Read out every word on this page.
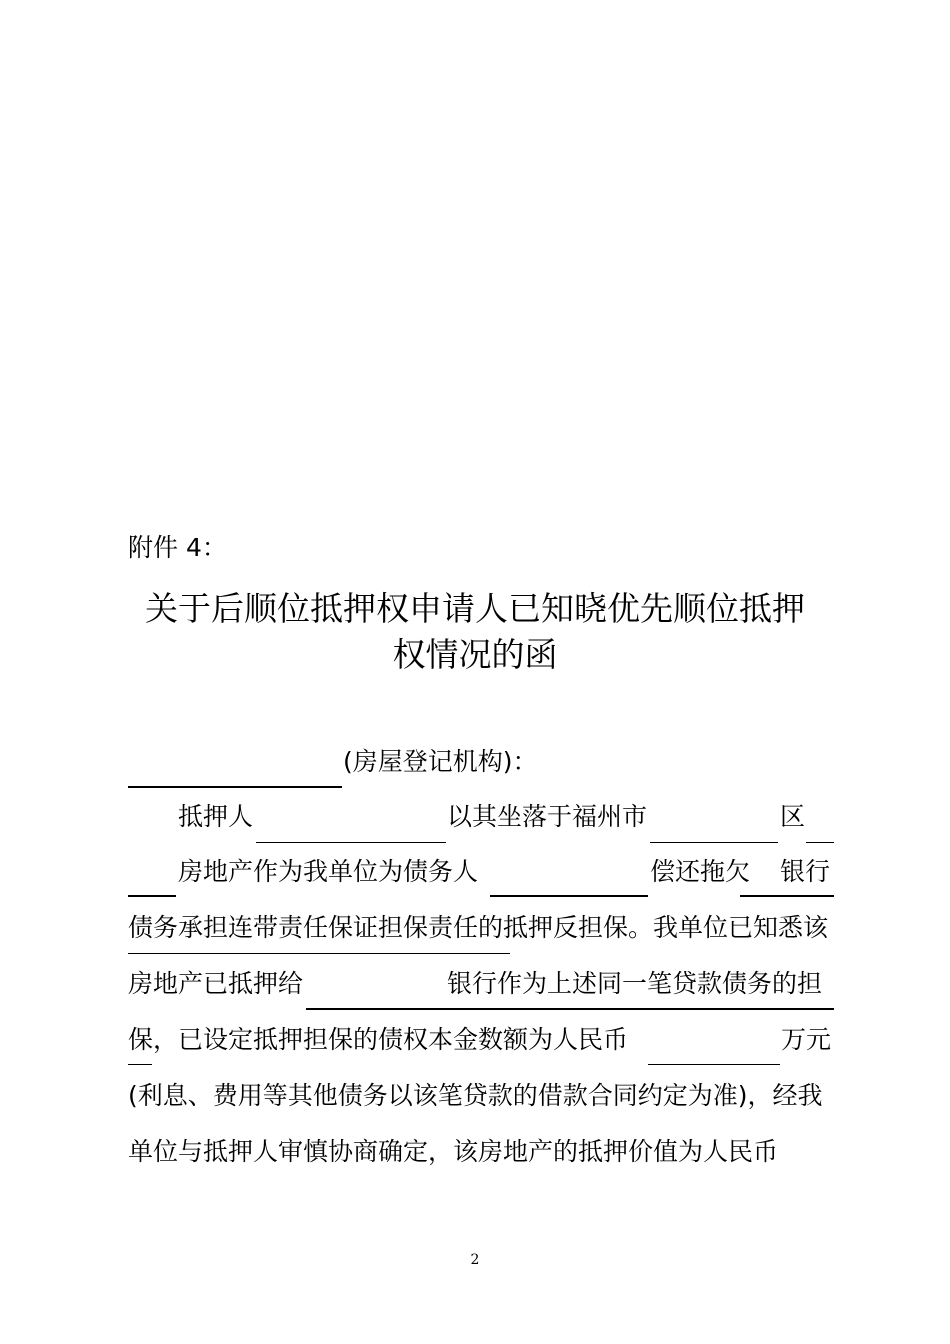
附件 4：
关于后顺位抵押权申请人已知晓优先顺位抵押
权情况的函
(房屋登记机构)：
抵押人	以其坐落于福州市	区
房地产作为我单位为债务人	偿还拖欠 银行
债务承担连带责任保证担保责任的抵押反担保。我单位已知悉该
房地产已抵押给	银行作为上述同一笔贷款债务的担
保，已设定抵押担保的债权本金数额为人民币	万元
(利息、费用等其他债务以该笔贷款的借款合同约定为准)，经我
单位与抵押人审慎协商确定，该房地产的抵押价值为人民币
2
